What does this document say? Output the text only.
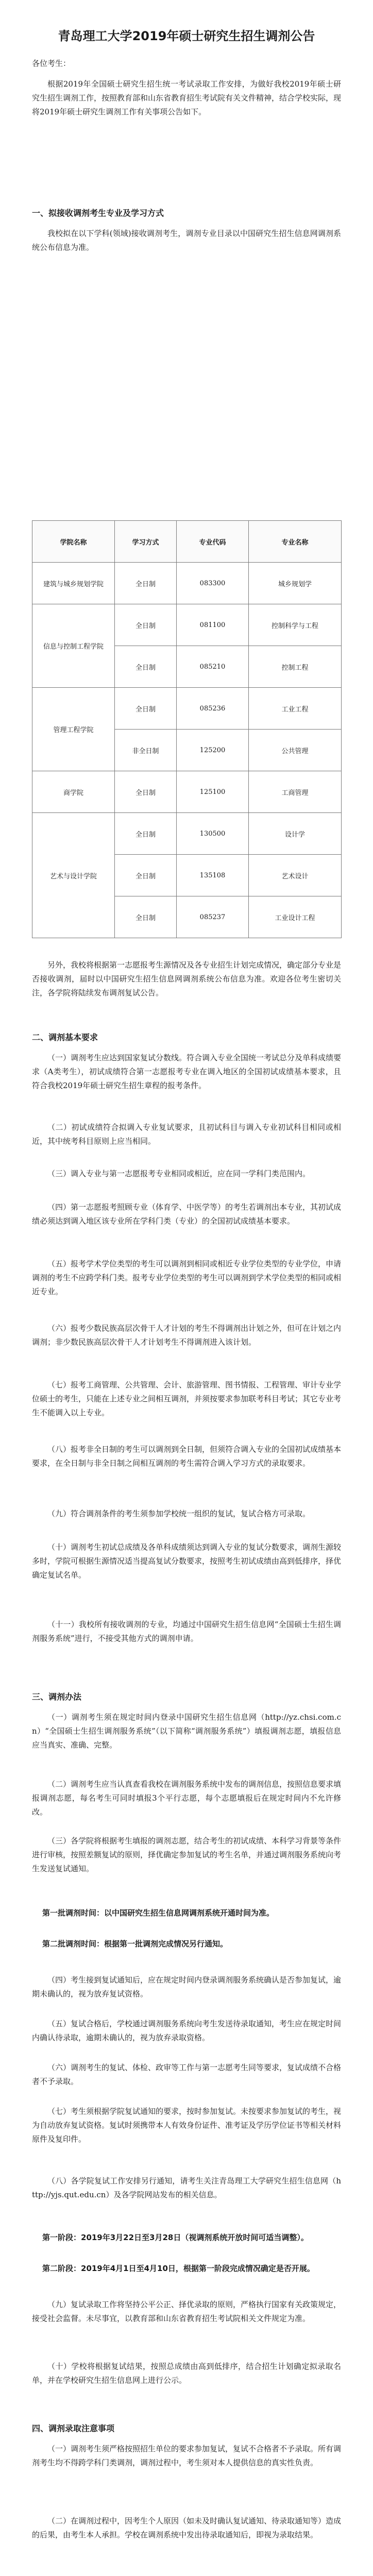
青岛理工大学2019年硕士研究生招生调剂公告

各位考生：

根据2019年全国硕士研究生招生统一考试录取工作安排，为做好我校2019年硕士研究生招生调剂工作，按照教育部和山东省教育招生考试院有关文件精神，结合学校实际，现将2019年硕士研究生调剂工作有关事项公告如下。

一、拟接收调剂考生专业及学习方式

我校拟在以下学科(领域)接收调剂考生，调剂专业目录以中国研究生招生信息网调剂系统公布信息为准。

学院名称	学习方式	专业代码	专业名称
建筑与城乡规划学院	全日制	083300	城乡规划学
信息与控制工程学院	全日制	081100	控制科学与工程
	全日制	085210	控制工程
管理工程学院	全日制	085236	工业工程
	非全日制	125200	公共管理
商学院	全日制	125100	工商管理
艺术与设计学院	全日制	130500	设计学
	全日制	135108	艺术设计
	全日制	085237	工业设计工程

另外，我校将根据第一志愿报考生源情况及各专业招生计划完成情况，确定部分专业是否接收调剂，届时以中国研究生招生信息网调剂系统公布信息为准。欢迎各位考生密切关注，各学院将陆续发布调剂复试公告。

二、调剂基本要求

（一）调剂考生应达到国家复试分数线。符合调入专业全国统一考试总分及单科成绩要求（A类考生），初试成绩符合第一志愿报考专业在调入地区的全国初试成绩基本要求，且符合我校2019年硕士研究生招生章程的报考条件。

（二）初试成绩符合拟调入专业复试要求，且初试科目与调入专业初试科目相同或相近，其中统考科目原则上应当相同。

（三）调入专业与第一志愿报考专业相同或相近，应在同一学科门类范围内。

（四）第一志愿报考照顾专业（体育学、中医学等）的考生若调剂出本专业，其初试成绩必须达到调入地区该专业所在学科门类（专业）的全国初试成绩基本要求。

（五）报考学术学位类型的考生可以调剂到相同或相近专业学位类型的专业学位，申请调剂的考生不应跨学科门类。报考专业学位类型的考生可以调剂到学术学位类型的相同或相近专业。

（六）报考少数民族高层次骨干人才计划的考生不得调剂出计划之外，但可在计划之内调剂；非少数民族高层次骨干人才计划考生不得调剂进入该计划。

（七）报考工商管理、公共管理、会计、旅游管理、图书情报、工程管理、审计专业学位硕士的考生，只能在上述专业之间相互调剂，并须按要求参加联考科目考试；其它专业考生不能调入以上专业。

（八）报考非全日制的考生可以调剂到全日制，但须符合调入专业的全国初试成绩基本要求，在全日制与非全日制之间相互调剂的考生需符合调入学习方式的录取要求。

（九）符合调剂条件的考生须参加学校统一组织的复试，复试合格方可录取。

（十）调剂考生初试总成绩及各单科成绩须达到调入专业的复试分数要求，调剂生源较多时，学院可根据生源情况适当提高复试分数要求，按照考生初试成绩由高到低排序，择优确定复试名单。

（十一）我校所有接收调剂的专业，均通过中国研究生招生信息网“全国硕士生招生调剂服务系统”进行，不接受其他方式的调剂申请。

三、调剂办法

（一）调剂考生须在规定时间内登录中国研究生招生信息网（http://yz.chsi.com.cn）“全国硕士生招生调剂服务系统”（以下简称“调剂服务系统”）填报调剂志愿，填报信息应当真实、准确、完整。

（二）调剂考生应当认真查看我校在调剂服务系统中发布的调剂信息，按照信息要求填报调剂志愿，每名考生可同时填报3个平行志愿，每个志愿填报后在规定时间内不允许修改。

（三）各学院将根据考生填报的调剂志愿，结合考生的初试成绩、本科学习背景等条件进行审核，按照差额复试的原则，择优确定参加复试的考生名单，并通过调剂服务系统向考生发送复试通知。

第一批调剂时间：以中国研究生招生信息网调剂系统开通时间为准。
第二批调剂时间：根据第一批调剂完成情况另行通知。

（四）考生接到复试通知后，应在规定时间内登录调剂服务系统确认是否参加复试，逾期未确认的，视为放弃复试资格。

（五）复试合格后，学校通过调剂服务系统向考生发送待录取通知，考生应在规定时间内确认待录取，逾期未确认的，视为放弃录取资格。

（六）调剂考生的复试、体检、政审等工作与第一志愿考生同等要求，复试成绩不合格者不予录取。

（七）考生须根据学院复试通知的要求，按时参加复试。未按要求参加复试的考生，视为自动放弃复试资格。复试时须携带本人有效身份证件、准考证及学历学位证书等相关材料原件及复印件。

（八）各学院复试工作安排另行通知，请考生关注青岛理工大学研究生招生信息网（http://yjs.qut.edu.cn）及各学院网站发布的相关信息。

第一阶段：2019年3月22日至3月28日（视调剂系统开放时间可适当调整）。
第二阶段：2019年4月1日至4月10日，根据第一阶段完成情况确定是否开展。

（九）复试录取工作将坚持公平公正、择优录取的原则，严格执行国家有关政策规定，接受社会监督。未尽事宜，以教育部和山东省教育招生考试院相关文件规定为准。

（十）学校将根据复试结果，按照总成绩由高到低排序，结合招生计划确定拟录取名单，并在学校研究生招生信息网上进行公示。

四、调剂录取注意事项

（一）调剂考生须严格按照招生单位的要求参加复试，复试不合格者不予录取。所有调剂考生均不得跨学科门类调剂，调剂过程中，考生须对本人提供信息的真实性负责。

（二）在调剂过程中，因考生个人原因（如未及时确认复试通知、待录取通知等）造成的后果，由考生本人承担。学校在调剂系统中发出待录取通知后，即视为录取结果。
